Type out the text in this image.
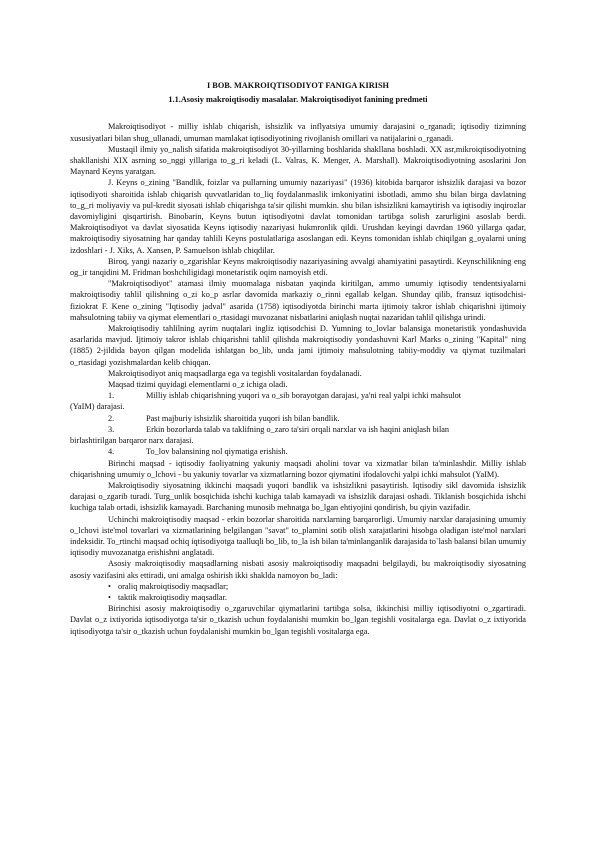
I BOB. MAKROIQTISODIYOT FANIGA KIRISH
1.1.Asosiy makroiqtisodiy masalalar. Makroiqtisodiyot fanining predmeti

Makroiqtisodiyot - milliy ishlab chiqarish, ishsizlik va inflyatsiya umumiy darajasini o_rganadi; iqtisodiy tizimning xususiyatlari bilan shug_ullanadi, umuman mamlakat iqtisodiyotining rivojlanish omillari va natijalarini o_rganadi.

Mustaqil ilmiy yo_nalish sifatida makroiqtisodiyot 30-yillarning boshlarida shakllana boshladi. XX asr,mikroiqtisodiyotning shakllanishi XIX asrning so_nggi yillariga to_g_ri keladi (L. Valras, K. Menger, A. Marshall). Makroiqtisodiyotning asoslarini Jon Maynard Keyns yaratgan.

J. Keyns o_zining "Bandlik, foizlar va pullarning umumiy nazariyasi" (1936) kitobida barqaror ishsizlik darajasi va bozor iqtisodiyoti sharoitida ishlab chiqarish quvvatlaridan to_liq foydalanmaslik imkoniyatini isbotladi, ammo shu bilan birga davlatning to_g_ri moliyaviy va pul-kredit siyosati ishlab chiqarishga ta'sir qilishi mumkin. shu bilan ishsizlikni kamaytirish va iqtisodiy inqirozlar davomiyligini qisqartirish. Binobarin, Keyns butun iqtisodiyotni davlat tomonidan tartibga solish zarurligini asoslab berdi. Makroiqtisodiyot va davlat siyosatida Keyns iqtisodiy nazariyasi hukmronlik qildi. Urushdan keyingi davrdan 1960 yillarga qadar, makroiqtisodiy siyosatning har qanday tahlili Keyns postulatlariga asoslangan edi. Keyns tomonidan ishlab chiqilgan g_oyalarni uning izdoshlari - J. Xiks, A. Xansen, P. Samuelson ishlab chiqdilar.

Biroq, yangi nazariy o_zgarishlar Keyns makroiqtisodiy nazariyasining avvalgi ahamiyatini pasaytirdi. Keynschilikning eng og_ir tanqidini M. Fridman boshchiligidagi monetaristik oqim namoyish etdi.

"Makroiqtisodiyot" atamasi ilmiy muomalaga nisbatan yaqinda kiritilgan, ammo umumiy iqtisodiy tendentsiyalarni makroiqtisodiy tahlil qilishning o_zi ko_p asrlar davomida markaziy o_rinni egallab kelgan. Shunday qilib, fransuz iqtisodchisi- fiziokrat F. Kene o_zining "Iqtisodiy jadval" asarida (1758) iqtisodiyotda birinchi marta ijtimoiy takror ishlab chiqarishni ijtimoiy mahsulotning tabiiy va qiymat elementlari o_rtasidagi muvozanat nisbatlarini aniqlash nuqtai nazaridan tahlil qilishga urindi.

Makroiqtisodiy tahlilning ayrim nuqtalari ingliz iqtisodchisi D. Yumning to_lovlar balansiga monetaristik yondashuvida asarlarida mavjud. Ijtimoiy takror ishlab chiqarishni tahlil qilishda makroiqtisodiy yondashuvni Karl Marks o_zining "Kapital" ning (1885) 2-jildida bayon qilgan modelida ishlatgan bo_lib, unda jami ijtimoiy mahsulotning tabiiy-moddiy va qiymat tuzilmalari o_rtasidagi yozishmalardan kelib chiqqan.

Makroiqtisodiyot aniq maqsadlarga ega va tegishli vositalardan foydalanadi.

Maqsad tizimi quyidagi elementlarni o_z ichiga oladi.

1.	Milliy ishlab chiqarishning yuqori va o_sib borayotgan darajasi, ya'ni real yalpi ichki mahsulot

(YaIM) darajasi.

2.	Past majburiy ishsizlik sharoitida yuqori ish bilan bandlik.
3.	Erkin bozorlarda talab va taklifning o_zaro ta'siri orqali narxlar va ish haqini aniqlash bilan

birlashtirilgan barqaror narx darajasi.

4.	To_lov balansining nol qiymatiga erishish.

Birinchi maqsad - iqtisodiy faoliyatning yakuniy maqsadi aholini tovar va xizmatlar bilan ta'minlashdir. Milliy ishlab chiqarishning umumiy o_lchovi - bu yakuniy tovarlar va xizmatlarning bozor qiymatini ifodalovchi yalpi ichki mahsulot (YaIM).

Makroiqtisodiy siyosatning ikkinchi maqsadi yuqori bandlik va ishsizlikni pasaytirish. Iqtisodiy sikl davomida ishsizlik darajasi o_zgarib turadi. Turg_unlik bosqichida ishchi kuchiga talab kamayadi va ishsizlik darajasi oshadi. Tiklanish bosqichida ishchi kuchiga talab ortadi, ishsizlik kamayadi. Barchaning munosib mehnatga bo_lgan ehtiyojini qondirish, bu qiyin vazifadir.

Uchinchi makroiqtisodiy maqsad - erkin bozorlar sharoitida narxlarning barqarorligi. Umumiy narxlar darajasining umumiy o_lchovi iste'mol tovarlari va xizmatlarining belgilangan "savat" to_plamini sotib olish xarajatlarini hisobga oladigan iste'mol narxlari indeksidir. To_rtinchi maqsad ochiq iqtisodiyotga taalluqli bo_lib, to_la ish bilan ta'minlanganlik darajasida to`lash balansi bilan umumiy iqtisodiy muvozanatga erishishni anglatadi.

Asosiy makroiqtisodiy maqsadlarning nisbati asosiy makroiqtisodiy maqsadni belgilaydi, bu makroiqtisodiy siyosatning asosiy vazifasini aks ettiradi, uni amalga oshirish ikki shaklda namoyon bo_ladi:

• oraliq makroiqtisodiy maqsadlar;
• taktik makroiqtisodiy maqsadlar.

Birinchisi asosiy makroiqtisodiy o_zgaruvchilar qiymatlarini tartibga solsa, ikkinchisi milliy iqtisodiyotni o_zgartiradi. Davlat o_z ixtiyorida iqtisodiyotga ta'sir o_tkazish uchun foydalanishi mumkin bo_lgan tegishli vositalarga ega. Davlat o_z ixtiyorida iqtisodiyotga ta'sir o_tkazish uchun foydalanishi mumkin bo_lgan tegishli vositalarga ega.
